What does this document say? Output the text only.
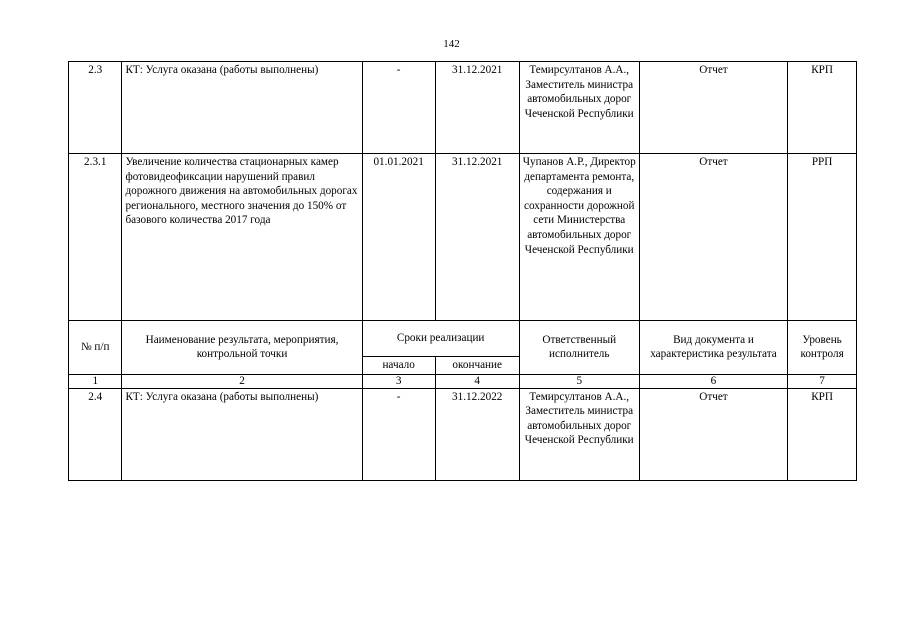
142
2.3	КТ: Услуга оказана (работы выполнены)	-	31.12.2021	Темирсултанов А.А., Заместитель министра автомобильных дорог Чеченской Республики	Отчет	КРП
2.3.1	Увеличение количества стационарных камер фотовидеофиксации нарушений правил дорожного движения на автомобильных дорогах регионального, местного значения до 150% от базового количества 2017 года	01.01.2021	31.12.2021	Чупанов А.Р., Директор департамента ремонта, содержания и сохранности дорожной сети Министерства автомобильных дорог Чеченской Республики	Отчет	РРП
№ п/п	Наименование результата, мероприятия, контрольной точки	Сроки реализации		Ответственный исполнитель	Вид документа и характеристика результата	Уровень контроля
		начало	окончание			
1	2	3	4	5	6	7
2.4	КТ: Услуга оказана (работы выполнены)	-	31.12.2022	Темирсултанов А.А., Заместитель министра автомобильных дорог Чеченской Республики	Отчет	КРП
